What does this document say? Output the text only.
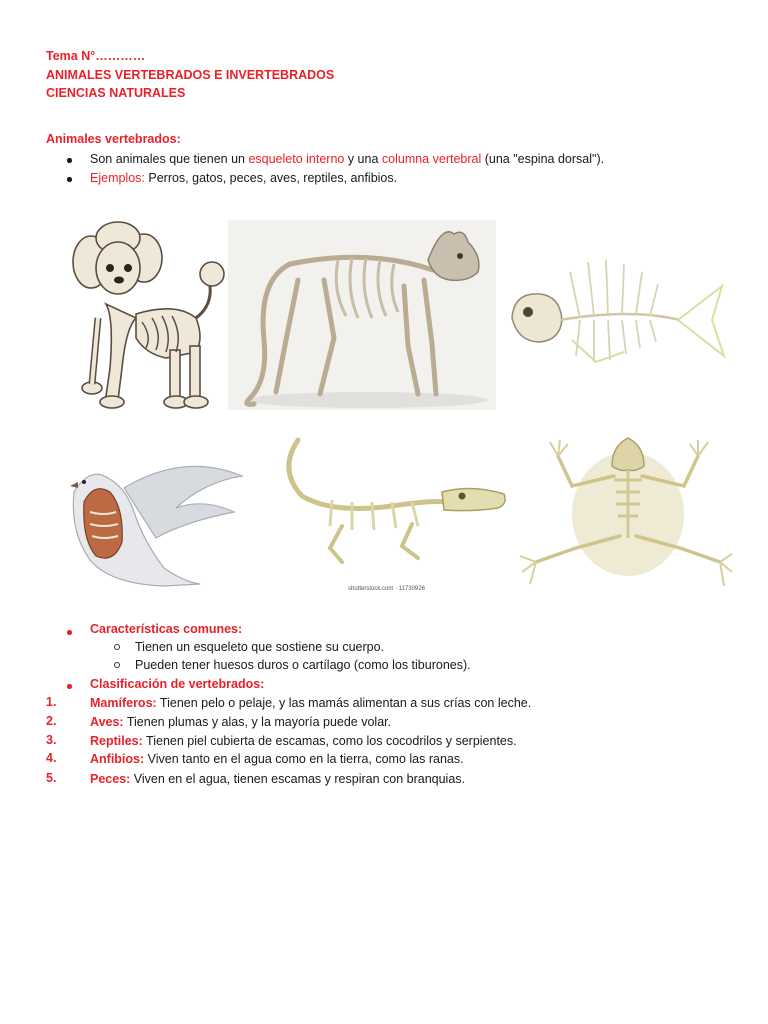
Tema N°…………
ANIMALES VERTEBRADOS E INVERTEBRADOS
CIENCIAS NATURALES
Animales vertebrados:
Son animales que tienen un esqueleto interno y una columna vertebral (una "espina dorsal").
Ejemplos: Perros, gatos, peces, aves, reptiles, anfibios.
shutterstock.com · 11730926
Características comunes:
Tienen un esqueleto que sostiene su cuerpo.
Pueden tener huesos duros o cartílago (como los tiburones).
Clasificación de vertebrados:
1.	Mamíferos: Tienen pelo o pelaje, y las mamás alimentan a sus crías con leche.
2.	Aves: Tienen plumas y alas, y la mayoría puede volar.
3.	Reptiles: Tienen piel cubierta de escamas, como los cocodrilos y serpientes.
4.	Anfibios: Viven tanto en el agua como en la tierra, como las ranas.
5.	Peces: Viven en el agua, tienen escamas y respiran con branquias.
